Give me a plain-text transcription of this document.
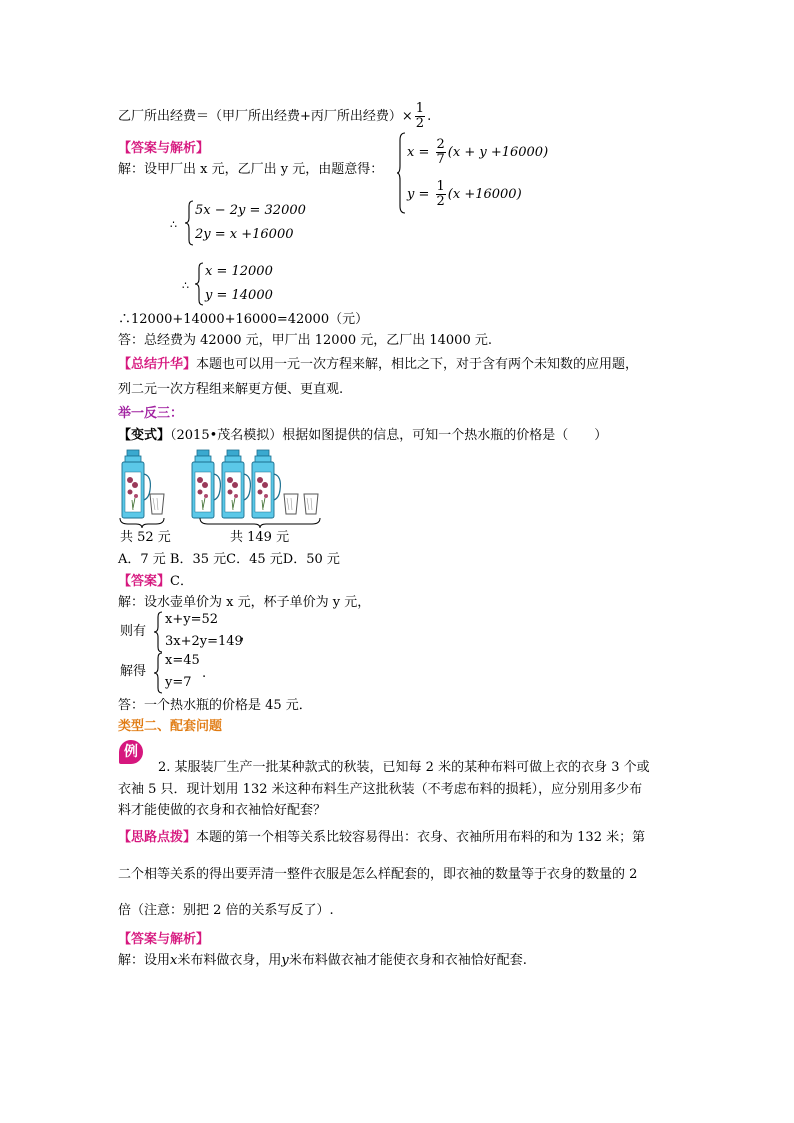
乙厂所出经费＝（甲厂所出经费+丙厂所出经费）× $\frac{1}{2}$ .
【答案与解析】
解：设甲厂出 x 元，乙厂出 y 元，由题意得：
$x = \frac{2}{7} (x + y +16000)$
$y = \frac{1}{2} (x +16000)$
∴
5x − 2y = 32000
2y = x +16000
∴
x = 12000
y = 14000
∴12000+14000+16000=42000（元）
答：总经费为 42000 元，甲厂出 12000 元，乙厂出 14000 元.
【总结升华】本题也可以用一元一次方程来解，相比之下，对于含有两个未知数的应用题，
列二元一次方程组来解更方便、更直观.
举一反三：
【变式】（2015•茂名模拟）根据如图提供的信息，可知一个热水瓶的价格是（　　）
共 52 元	共 149 元
A．7 元 B．35 元C．45 元D．50 元
【答案】C．
解：设水壶单价为 x 元，杯子单价为 y 元，
则有
x+y=52
3x+2y=149
，
解得
x=45
y=7
.
答：一个热水瓶的价格是 45 元．
类型二、配套问题
例
2. 某服装厂生产一批某种款式的秋装，已知每 2 米的某种布料可做上衣的衣身 3 个或
衣袖 5 只．现计划用 132 米这种布料生产这批秋装（不考虑布料的损耗），应分别用多少布
料才能使做的衣身和衣袖恰好配套？
【思路点拨】本题的第一个相等关系比较容易得出：衣身、衣袖所用布料的和为 132 米；第
二个相等关系的得出要弄清一整件衣服是怎么样配套的，即衣袖的数量等于衣身的数量的 2
倍（注意：别把 2 倍的关系写反了）.
【答案与解析】
解：设用x米布料做衣身，用y米布料做衣袖才能使衣身和衣袖恰好配套.
